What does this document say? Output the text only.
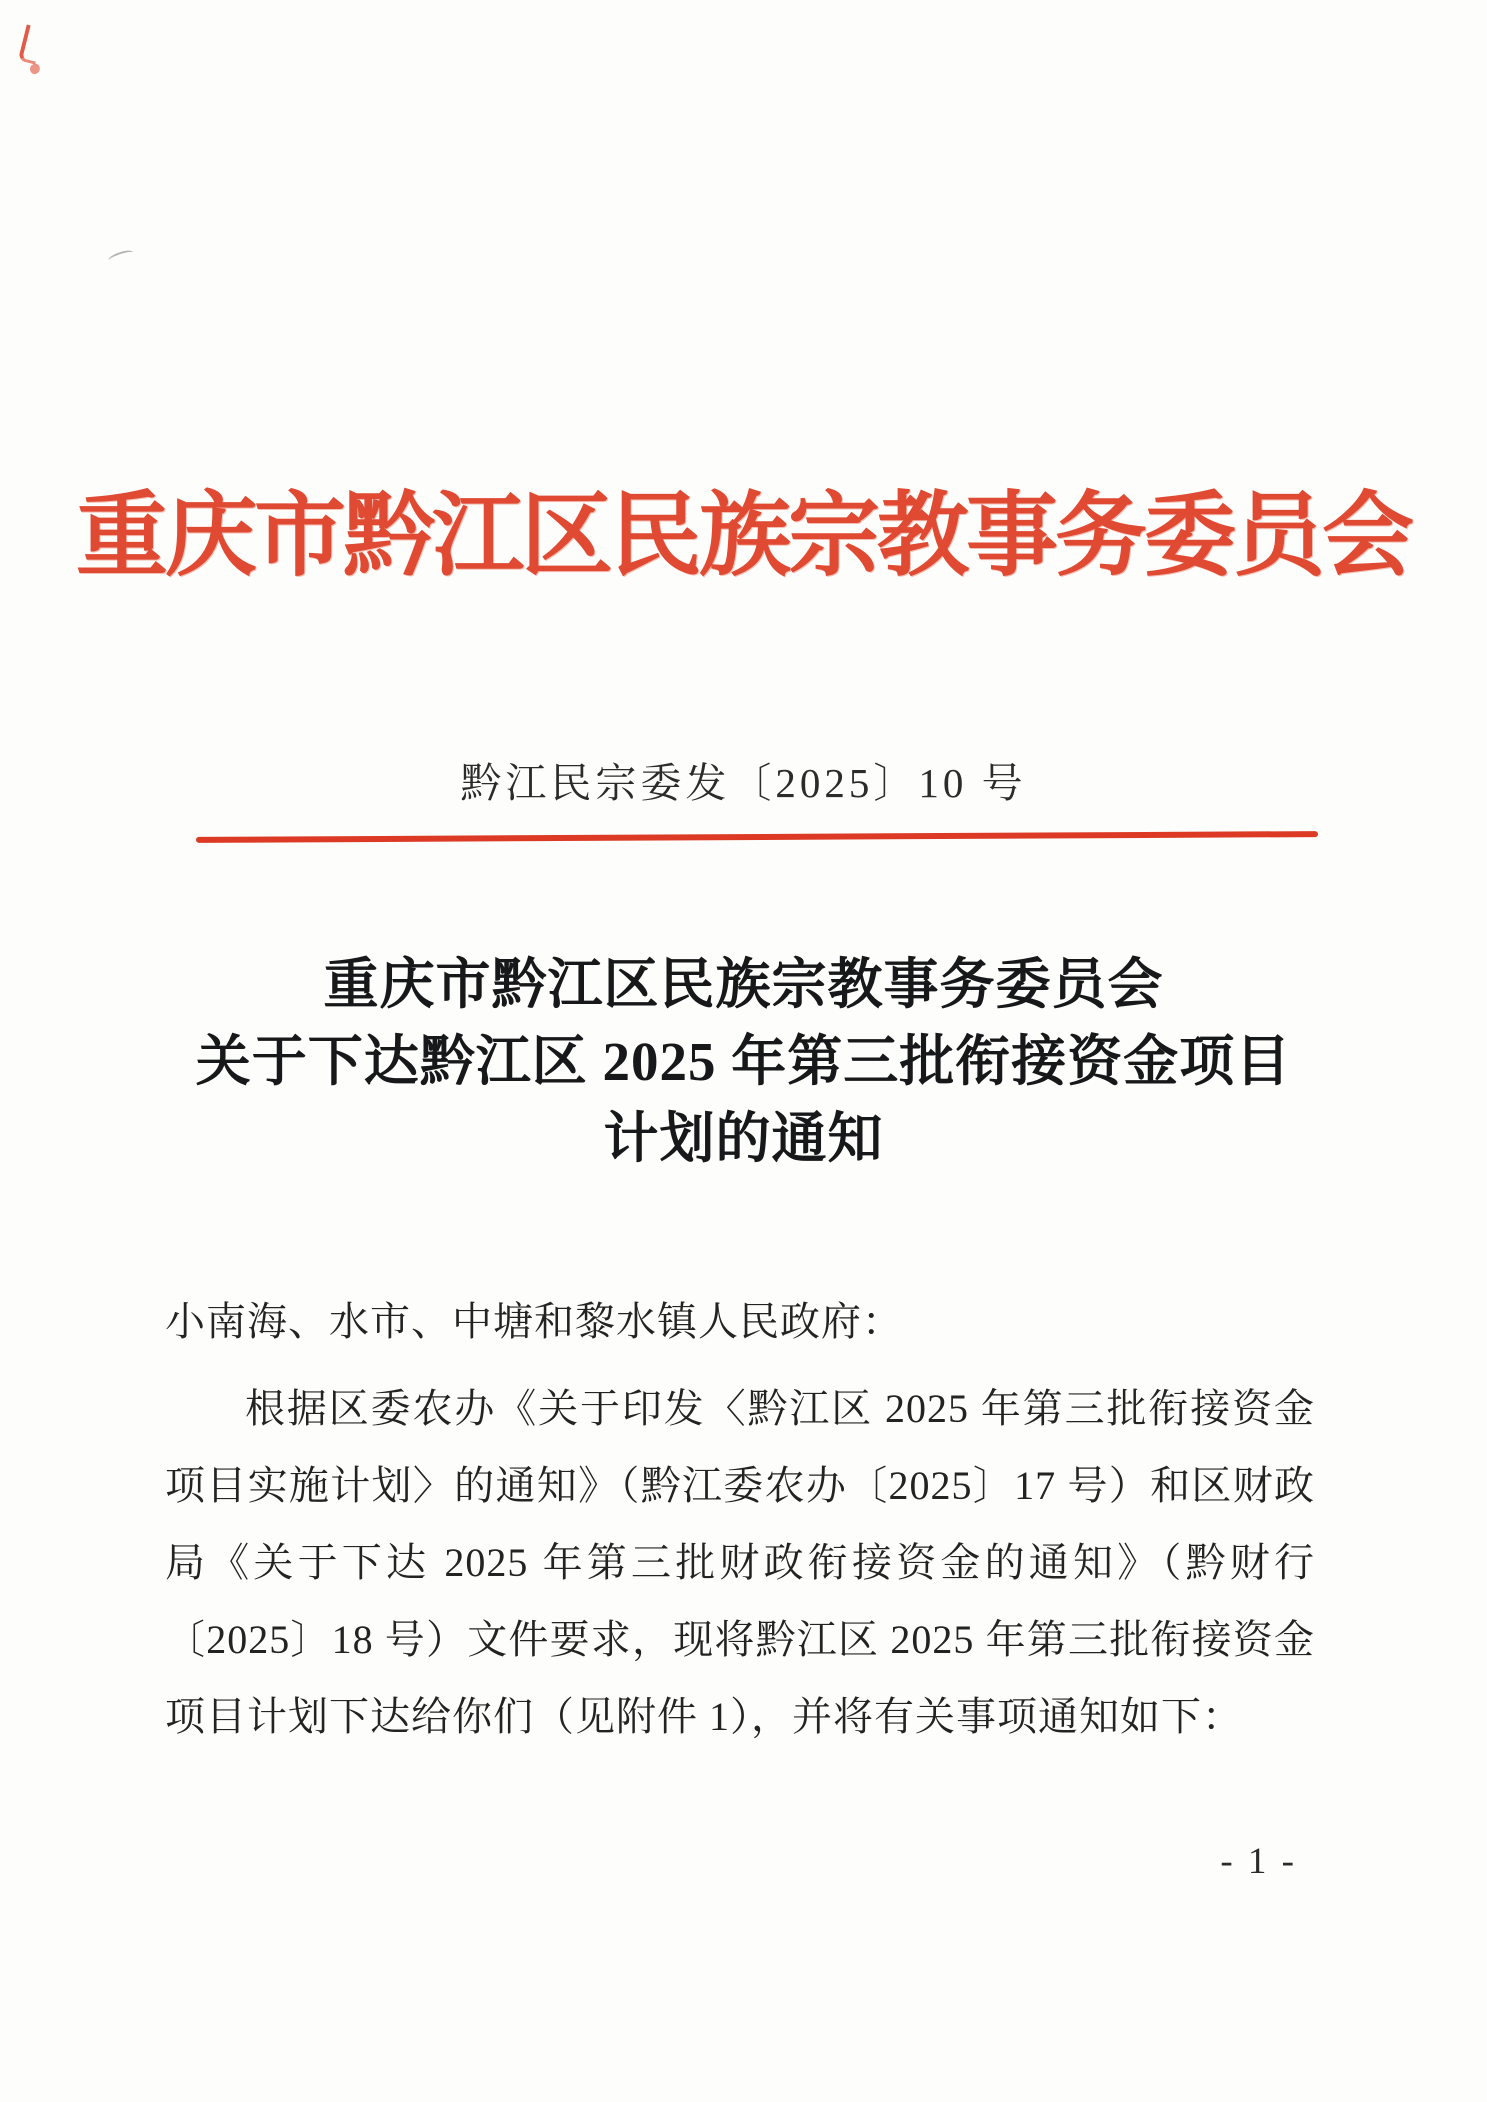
重庆市黔江区民族宗教事务委员会
黔江民宗委发〔2025〕10 号
重庆市黔江区民族宗教事务委员会
关于下达黔江区 2025 年第三批衔接资金项目
计划的通知
小南海、水市、中塘和黎水镇人民政府：
根据区委农办《关于印发〈黔江区 2025 年第三批衔接资金
项目实施计划〉的通知》（黔江委农办〔2025〕17 号）和区财政
局《关于下达 2025 年第三批财政衔接资金的通知》（黔财行
〔2025〕18 号）文件要求，现将黔江区 2025 年第三批衔接资金
项目计划下达给你们（见附件 1），并将有关事项通知如下：
- 1 -
